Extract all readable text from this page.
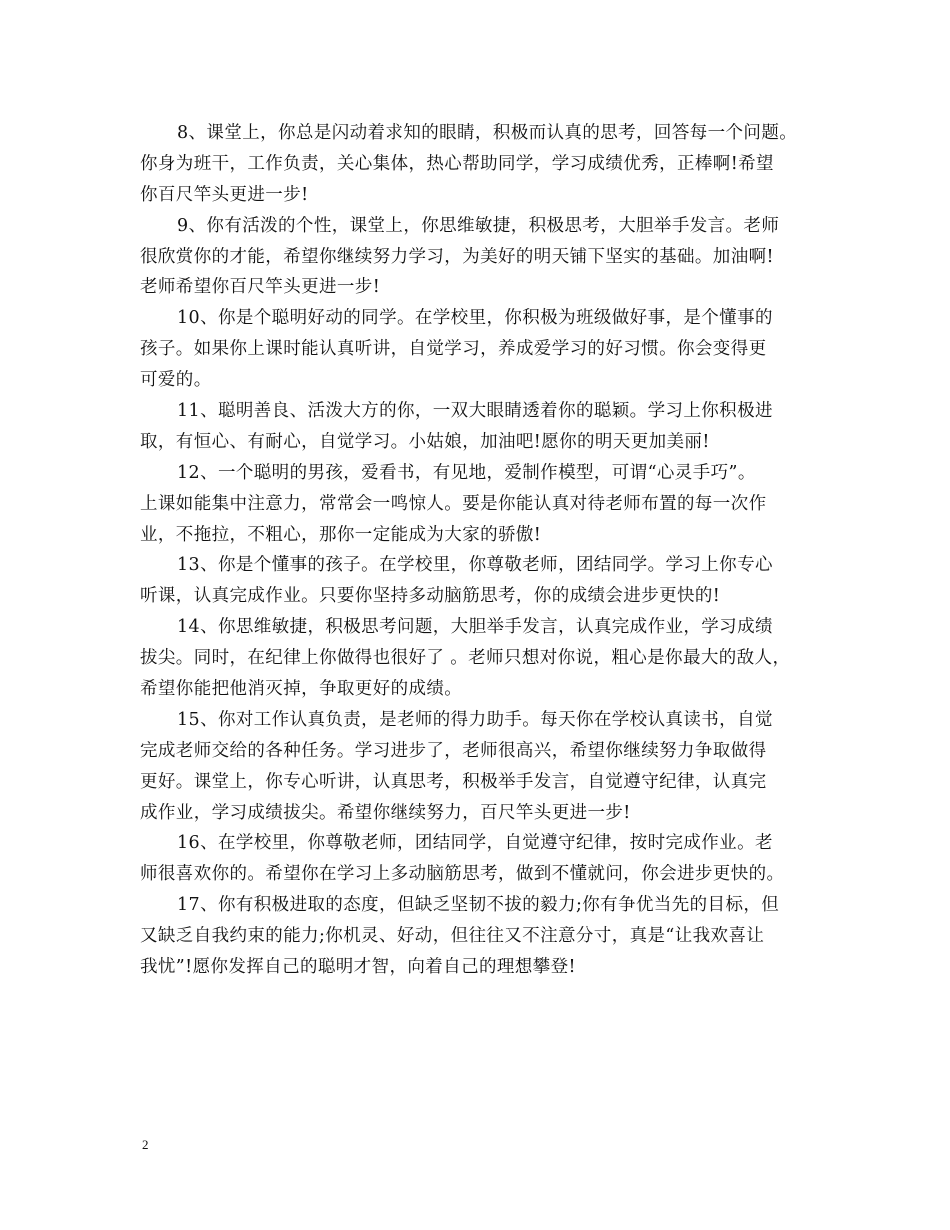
8、课堂上，你总是闪动着求知的眼睛，积极而认真的思考，回答每一个问题。
你身为班干，工作负责，关心集体，热心帮助同学，学习成绩优秀，正棒啊!希望
你百尺竿头更进一步!

9、你有活泼的个性，课堂上，你思维敏捷，积极思考，大胆举手发言。老师
很欣赏你的才能，希望你继续努力学习，为美好的明天铺下坚实的基础。加油啊!
老师希望你百尺竿头更进一步!

10、你是个聪明好动的同学。在学校里，你积极为班级做好事，是个懂事的
孩子。如果你上课时能认真听讲，自觉学习，养成爱学习的好习惯。你会变得更
可爱的。

11、聪明善良、活泼大方的你，一双大眼睛透着你的聪颖。学习上你积极进
取，有恒心、有耐心，自觉学习。小姑娘，加油吧!愿你的明天更加美丽!

12、一个聪明的男孩，爱看书，有见地，爱制作模型，可谓“心灵手巧”。
上课如能集中注意力，常常会一鸣惊人。要是你能认真对待老师布置的每一次作
业，不拖拉，不粗心，那你一定能成为大家的骄傲!

13、你是个懂事的孩子。在学校里，你尊敬老师，团结同学。学习上你专心
听课，认真完成作业。只要你坚持多动脑筋思考，你的成绩会进步更快的!

14、你思维敏捷，积极思考问题，大胆举手发言，认真完成作业，学习成绩
拔尖。同时，在纪律上你做得也很好了 。老师只想对你说，粗心是你最大的敌人，
希望你能把他消灭掉，争取更好的成绩。

15、你对工作认真负责，是老师的得力助手。每天你在学校认真读书，自觉
完成老师交给的各种任务。学习进步了，老师很高兴，希望你继续努力争取做得
更好。课堂上，你专心听讲，认真思考，积极举手发言，自觉遵守纪律，认真完
成作业，学习成绩拔尖。希望你继续努力，百尺竿头更进一步!

16、在学校里，你尊敬老师，团结同学，自觉遵守纪律，按时完成作业。老
师很喜欢你的。希望你在学习上多动脑筋思考，做到不懂就问，你会进步更快的。

17、你有积极进取的态度，但缺乏坚韧不拔的毅力;你有争优当先的目标，但
又缺乏自我约束的能力;你机灵、好动，但往往又不注意分寸，真是“让我欢喜让
我忧”!愿你发挥自己的聪明才智，向着自己的理想攀登!

2
